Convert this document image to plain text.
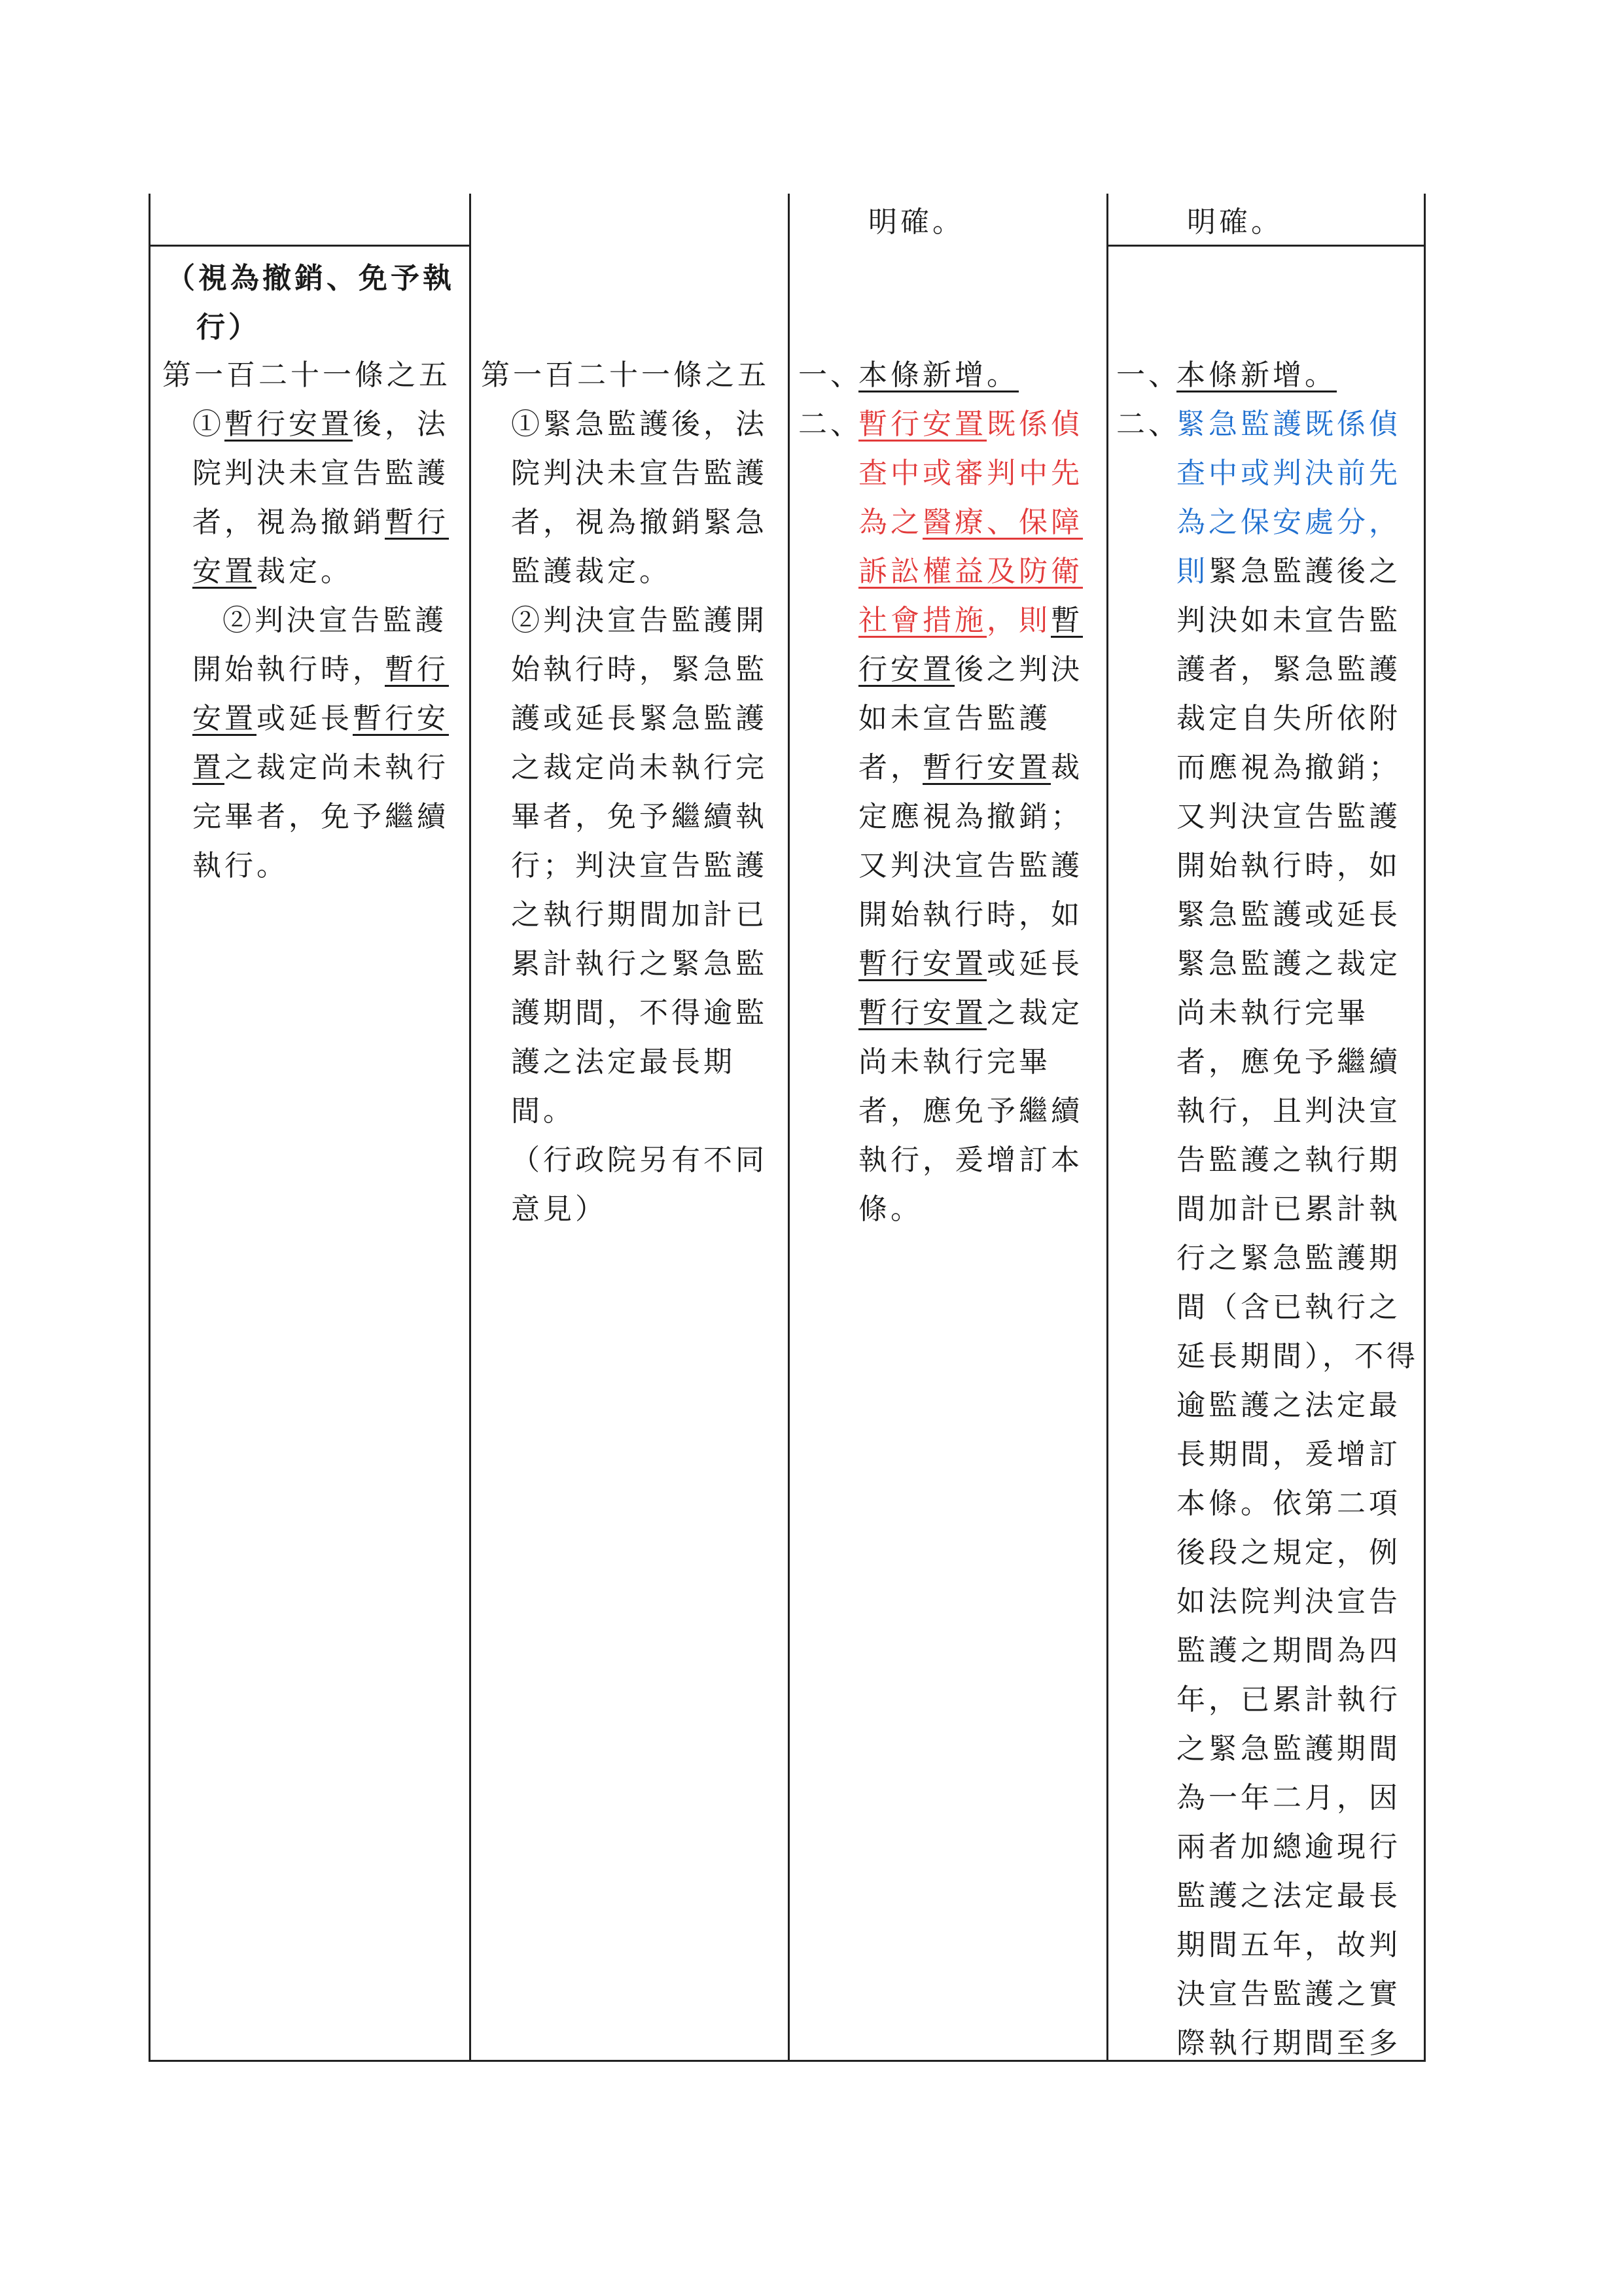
明確。	明確。
（視為撤銷、免予執
行）
第一百二十一條之五
①暫行安置後，法院判決未宣告監護者，視為撤銷暫行安置裁定。
②判決宣告監護開始執行時，暫行安置或延長暫行安置之裁定尚未執行完畢者，免予繼續執行。
第一百二十一條之五
①緊急監護後，法院判決未宣告監護者，視為撤銷緊急監護裁定。
②判決宣告監護開始執行時，緊急監護或延長緊急監護之裁定尚未執行完畢者，免予繼續執行；判決宣告監護之執行期間加計已累計執行之緊急監護期間，不得逾監護之法定最長期間。
（行政院另有不同意見）
一、本條新增。
二、
暫行安置既係偵查中或審判中先為之醫療、保障訴訟權益及防衛社會措施，則暫行安置後之判決如未宣告監護者，暫行安置裁定應視為撤銷；又判決宣告監護開始執行時，如暫行安置或延長暫行安置之裁定尚未執行完畢者，應免予繼續執行，爰增訂本條。
一、本條新增。
二、
緊急監護既係偵查中或判決前先為之保安處分，則緊急監護後之判決如未宣告監護者，緊急監護裁定自失所依附而應視為撤銷；又判決宣告監護開始執行時，如緊急監護或延長緊急監護之裁定尚未執行完畢者，應免予繼續執行，且判決宣告監護之執行期間加計已累計執行之緊急監護期間（含已執行之延長期間），不得逾監護之法定最長期間，爰增訂本條。依第二項後段之規定，例如法院判決宣告監護之期間為四年，已累計執行之緊急監護期間為一年二月，因兩者加總逾現行監護之法定最長期間五年，故判決宣告監護之實際執行期間至多
